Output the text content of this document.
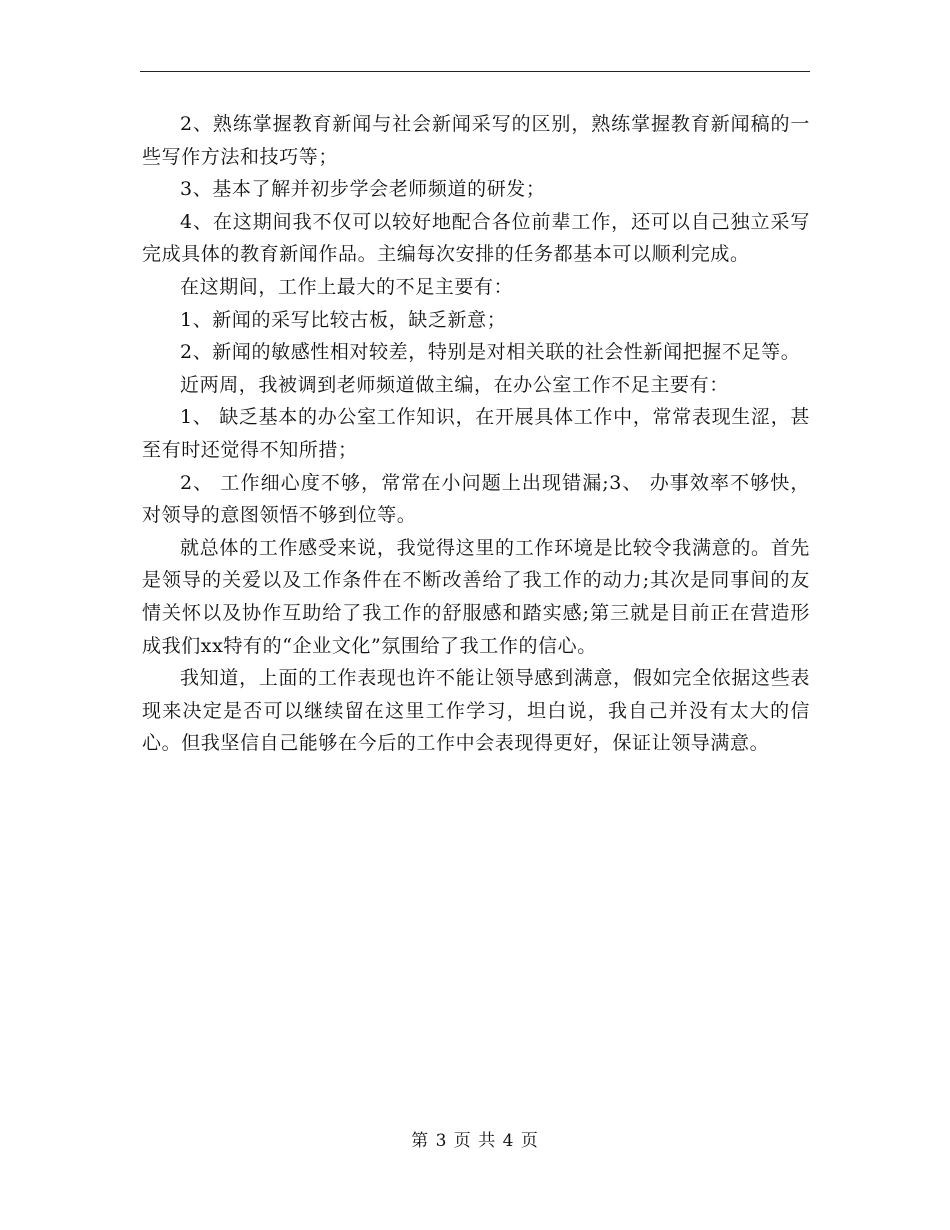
2、熟练掌握教育新闻与社会新闻采写的区别，熟练掌握教育新闻稿的一些写作方法和技巧等；

3、基本了解并初步学会老师频道的研发；

4、在这期间我不仅可以较好地配合各位前辈工作，还可以自己独立采写完成具体的教育新闻作品。主编每次安排的任务都基本可以顺利完成。

在这期间，工作上最大的不足主要有：

1、新闻的采写比较古板，缺乏新意；

2、新闻的敏感性相对较差，特别是对相关联的社会性新闻把握不足等。

近两周，我被调到老师频道做主编，在办公室工作不足主要有：

1、 缺乏基本的办公室工作知识，在开展具体工作中，常常表现生涩，甚至有时还觉得不知所措；

2、 工作细心度不够，常常在小问题上出现错漏;3、 办事效率不够快，对领导的意图领悟不够到位等。

就总体的工作感受来说，我觉得这里的工作环境是比较令我满意的。首先是领导的关爱以及工作条件在不断改善给了我工作的动力;其次是同事间的友情关怀以及协作互助给了我工作的舒服感和踏实感;第三就是目前正在营造形成我们xx特有的“企业文化”氛围给了我工作的信心。

我知道，上面的工作表现也许不能让领导感到满意，假如完全依据这些表现来决定是否可以继续留在这里工作学习，坦白说，我自己并没有太大的信心。但我坚信自己能够在今后的工作中会表现得更好，保证让领导满意。

第 3 页 共 4 页
